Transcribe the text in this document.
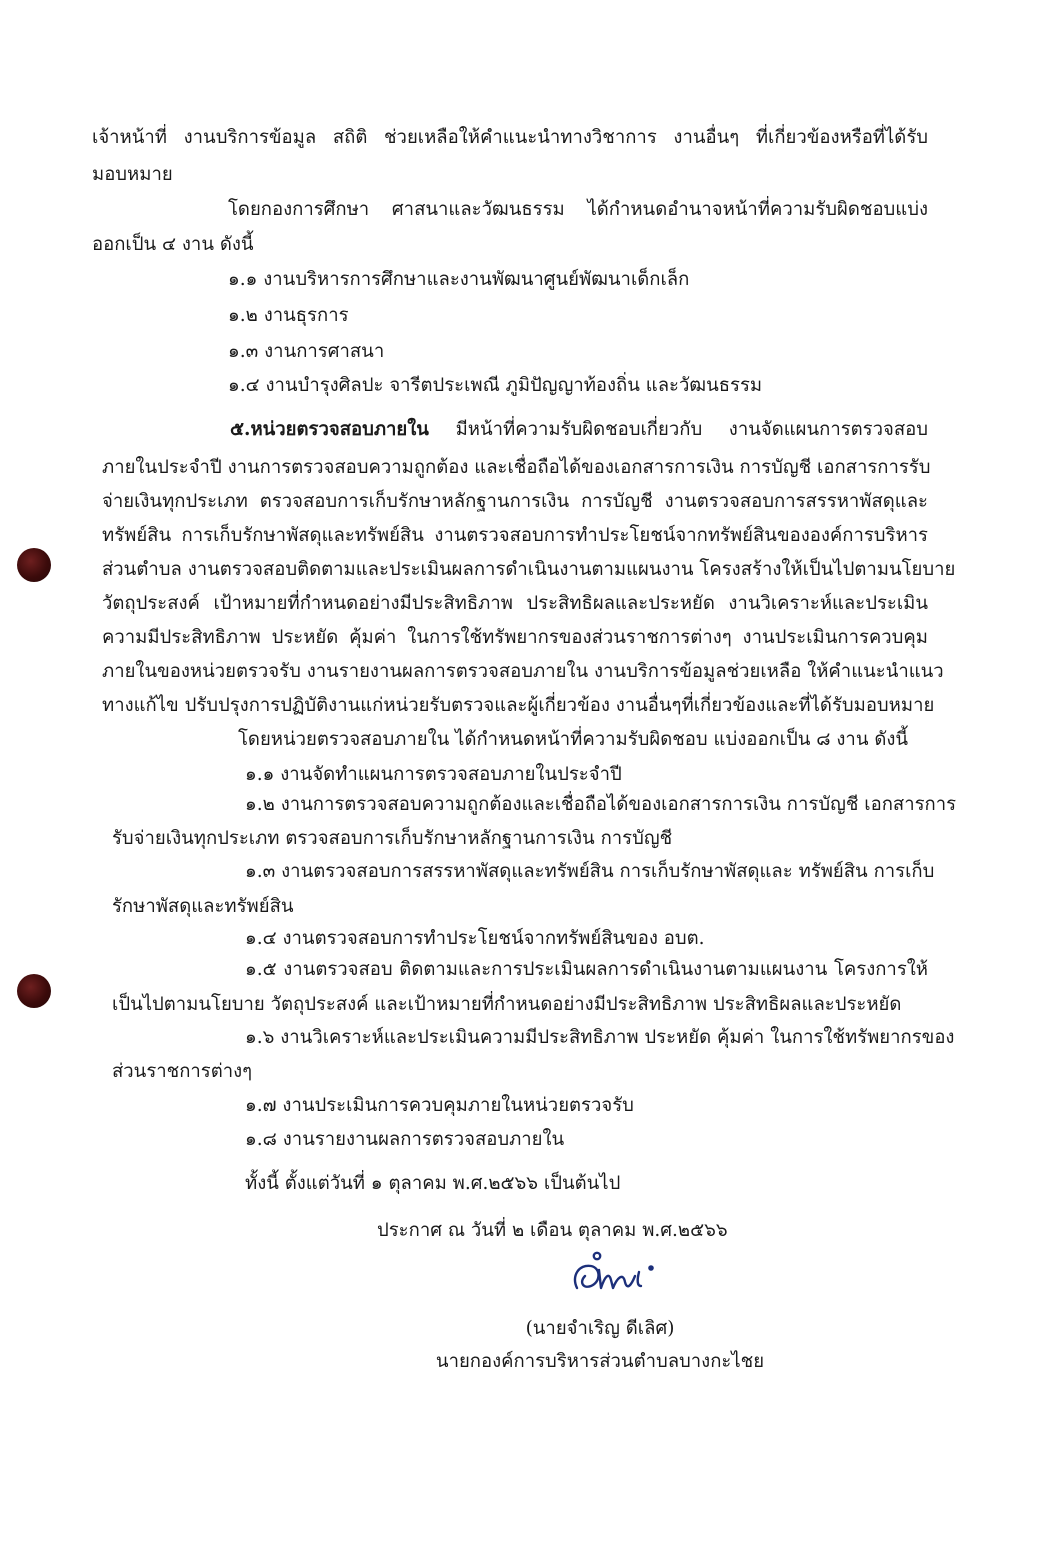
เจ้าหน้าที่ งานบริการข้อมูล สถิติ ช่วยเหลือให้คำแนะนำทางวิชาการ งานอื่นๆ ที่เกี่ยวข้องหรือที่ได้รับ
มอบหมาย
โดยกองการศึกษา ศาสนาและวัฒนธรรม ได้กำหนดอำนาจหน้าที่ความรับผิดชอบแบ่ง
ออกเป็น ๔ งาน ดังนี้
๑.๑ งานบริหารการศึกษาและงานพัฒนาศูนย์พัฒนาเด็กเล็ก
๑.๒ งานธุรการ
๑.๓ งานการศาสนา
๑.๔ งานบำรุงศิลปะ จารีตประเพณี ภูมิปัญญาท้องถิ่น และวัฒนธรรม
๕.หน่วยตรวจสอบภายใน มีหน้าที่ความรับผิดชอบเกี่ยวกับ งานจัดแผนการตรวจสอบ
ภายในประจำปี งานการตรวจสอบความถูกต้อง และเชื่อถือได้ของเอกสารการเงิน การบัญชี เอกสารการรับ
จ่ายเงินทุกประเภท ตรวจสอบการเก็บรักษาหลักฐานการเงิน การบัญชี งานตรวจสอบการสรรหาพัสดุและ
ทรัพย์สิน การเก็บรักษาพัสดุและทรัพย์สิน งานตรวจสอบการทำประโยชน์จากทรัพย์สินขององค์การบริหาร
ส่วนตำบล งานตรวจสอบติดตามและประเมินผลการดำเนินงานตามแผนงาน โครงสร้างให้เป็นไปตามนโยบาย
วัตถุประสงค์ เป้าหมายที่กำหนดอย่างมีประสิทธิภาพ ประสิทธิผลและประหยัด งานวิเคราะห์และประเมิน
ความมีประสิทธิภาพ ประหยัด คุ้มค่า ในการใช้ทรัพยากรของส่วนราชการต่างๆ งานประเมินการควบคุม
ภายในของหน่วยตรวจรับ งานรายงานผลการตรวจสอบภายใน งานบริการข้อมูลช่วยเหลือ ให้คำแนะนำแนว
ทางแก้ไข ปรับปรุงการปฏิบัติงานแก่หน่วยรับตรวจและผู้เกี่ยวข้อง งานอื่นๆที่เกี่ยวข้องและที่ได้รับมอบหมาย
โดยหน่วยตรวจสอบภายใน ได้กำหนดหน้าที่ความรับผิดชอบ แบ่งออกเป็น ๘ งาน ดังนี้
๑.๑ งานจัดทำแผนการตรวจสอบภายในประจำปี
๑.๒ งานการตรวจสอบความถูกต้องและเชื่อถือได้ของเอกสารการเงิน การบัญชี เอกสารการ
รับจ่ายเงินทุกประเภท ตรวจสอบการเก็บรักษาหลักฐานการเงิน การบัญชี
๑.๓ งานตรวจสอบการสรรหาพัสดุและทรัพย์สิน การเก็บรักษาพัสดุและ ทรัพย์สิน การเก็บ
รักษาพัสดุและทรัพย์สิน
๑.๔ งานตรวจสอบการทำประโยชน์จากทรัพย์สินของ อบต.
๑.๕ งานตรวจสอบ ติดตามและการประเมินผลการดำเนินงานตามแผนงาน โครงการให้
เป็นไปตามนโยบาย วัตถุประสงค์ และเป้าหมายที่กำหนดอย่างมีประสิทธิภาพ ประสิทธิผลและประหยัด
๑.๖ งานวิเคราะห์และประเมินความมีประสิทธิภาพ ประหยัด คุ้มค่า ในการใช้ทรัพยากรของ
ส่วนราชการต่างๆ
๑.๗ งานประเมินการควบคุมภายในหน่วยตรวจรับ
๑.๘ งานรายงานผลการตรวจสอบภายใน
ทั้งนี้ ตั้งแต่วันที่ ๑ ตุลาคม พ.ศ.๒๕๖๖ เป็นต้นไป
ประกาศ ณ วันที่ ๒ เดือน ตุลาคม พ.ศ.๒๕๖๖
(นายจำเริญ ดีเลิศ)
นายกองค์การบริหารส่วนตำบลบางกะไชย
